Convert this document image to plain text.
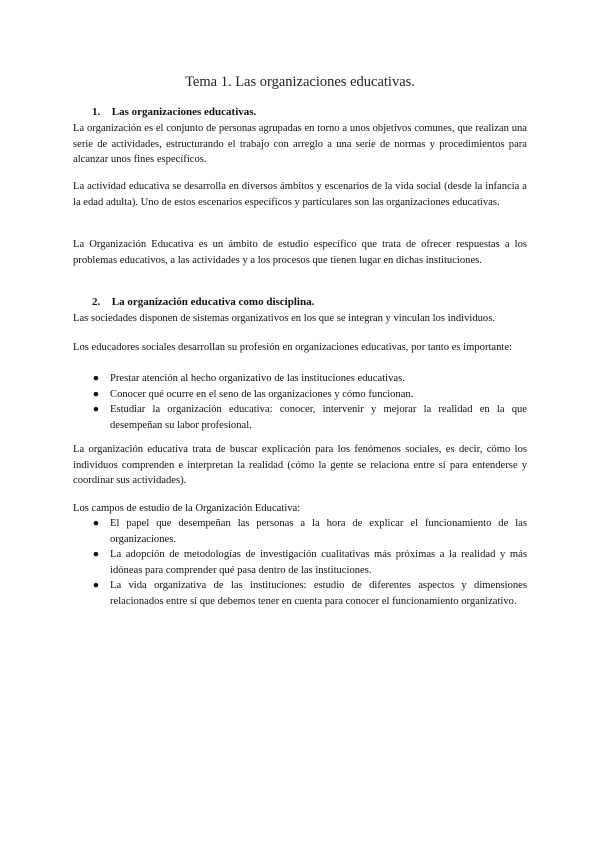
Tema 1. Las organizaciones educativas.
1. Las organizaciones educativas.
La organización es el conjunto de personas agrupadas en torno a unos objetivos comunes, que realizan una serie de actividades, estructurando el trabajo con arreglo a una serie de normas y procedimientos para alcanzar unos fines específicos.
La actividad educativa se desarrolla en diversos ámbitos y escenarios de la vida social (desde la infancia a la edad adulta). Uno de estos escenarios específicos y particulares son las organizaciones educativas.
La Organización Educativa es un ámbito de estudio específico que trata de ofrecer respuestas a los problemas educativos, a las actividades y a los procesos que tienen lugar en dichas instituciones.
2. La organización educativa como disciplina.
Las sociedades disponen de sistemas organizativos en los que se integran y vinculan los individuos.
Los educadores sociales desarrollan su profesión en organizaciones educativas, por tanto es importante:
● Prestar atención al hecho organizativo de las instituciones educativas.
● Conocer qué ocurre en el seno de las organizaciones y cómo funcionan.
● Estudiar la organización educativa: conocer, intervenir y mejorar la realidad en la que desempeñan su labor profesional.
La organización educativa trata de buscar explicación para los fenómenos sociales, es decir, cómo los individuos comprenden e interpretan la realidad (cómo la gente se relaciona entre sí para entenderse y coordinar sus actividades).
Los campos de estudio de la Organización Educativa:
● El papel que desempeñan las personas a la hora de explicar el funcionamiento de las organizaciones.
● La adopción de metodologías de investigación cualitativas más próximas a la realidad y más idóneas para comprender qué pasa dentro de las instituciones.
● La vida organizativa de las instituciones: estudio de diferentes aspectos y dimensiones relacionados entre sí que debemos tener en cuenta para conocer el funcionamiento organizativo.
